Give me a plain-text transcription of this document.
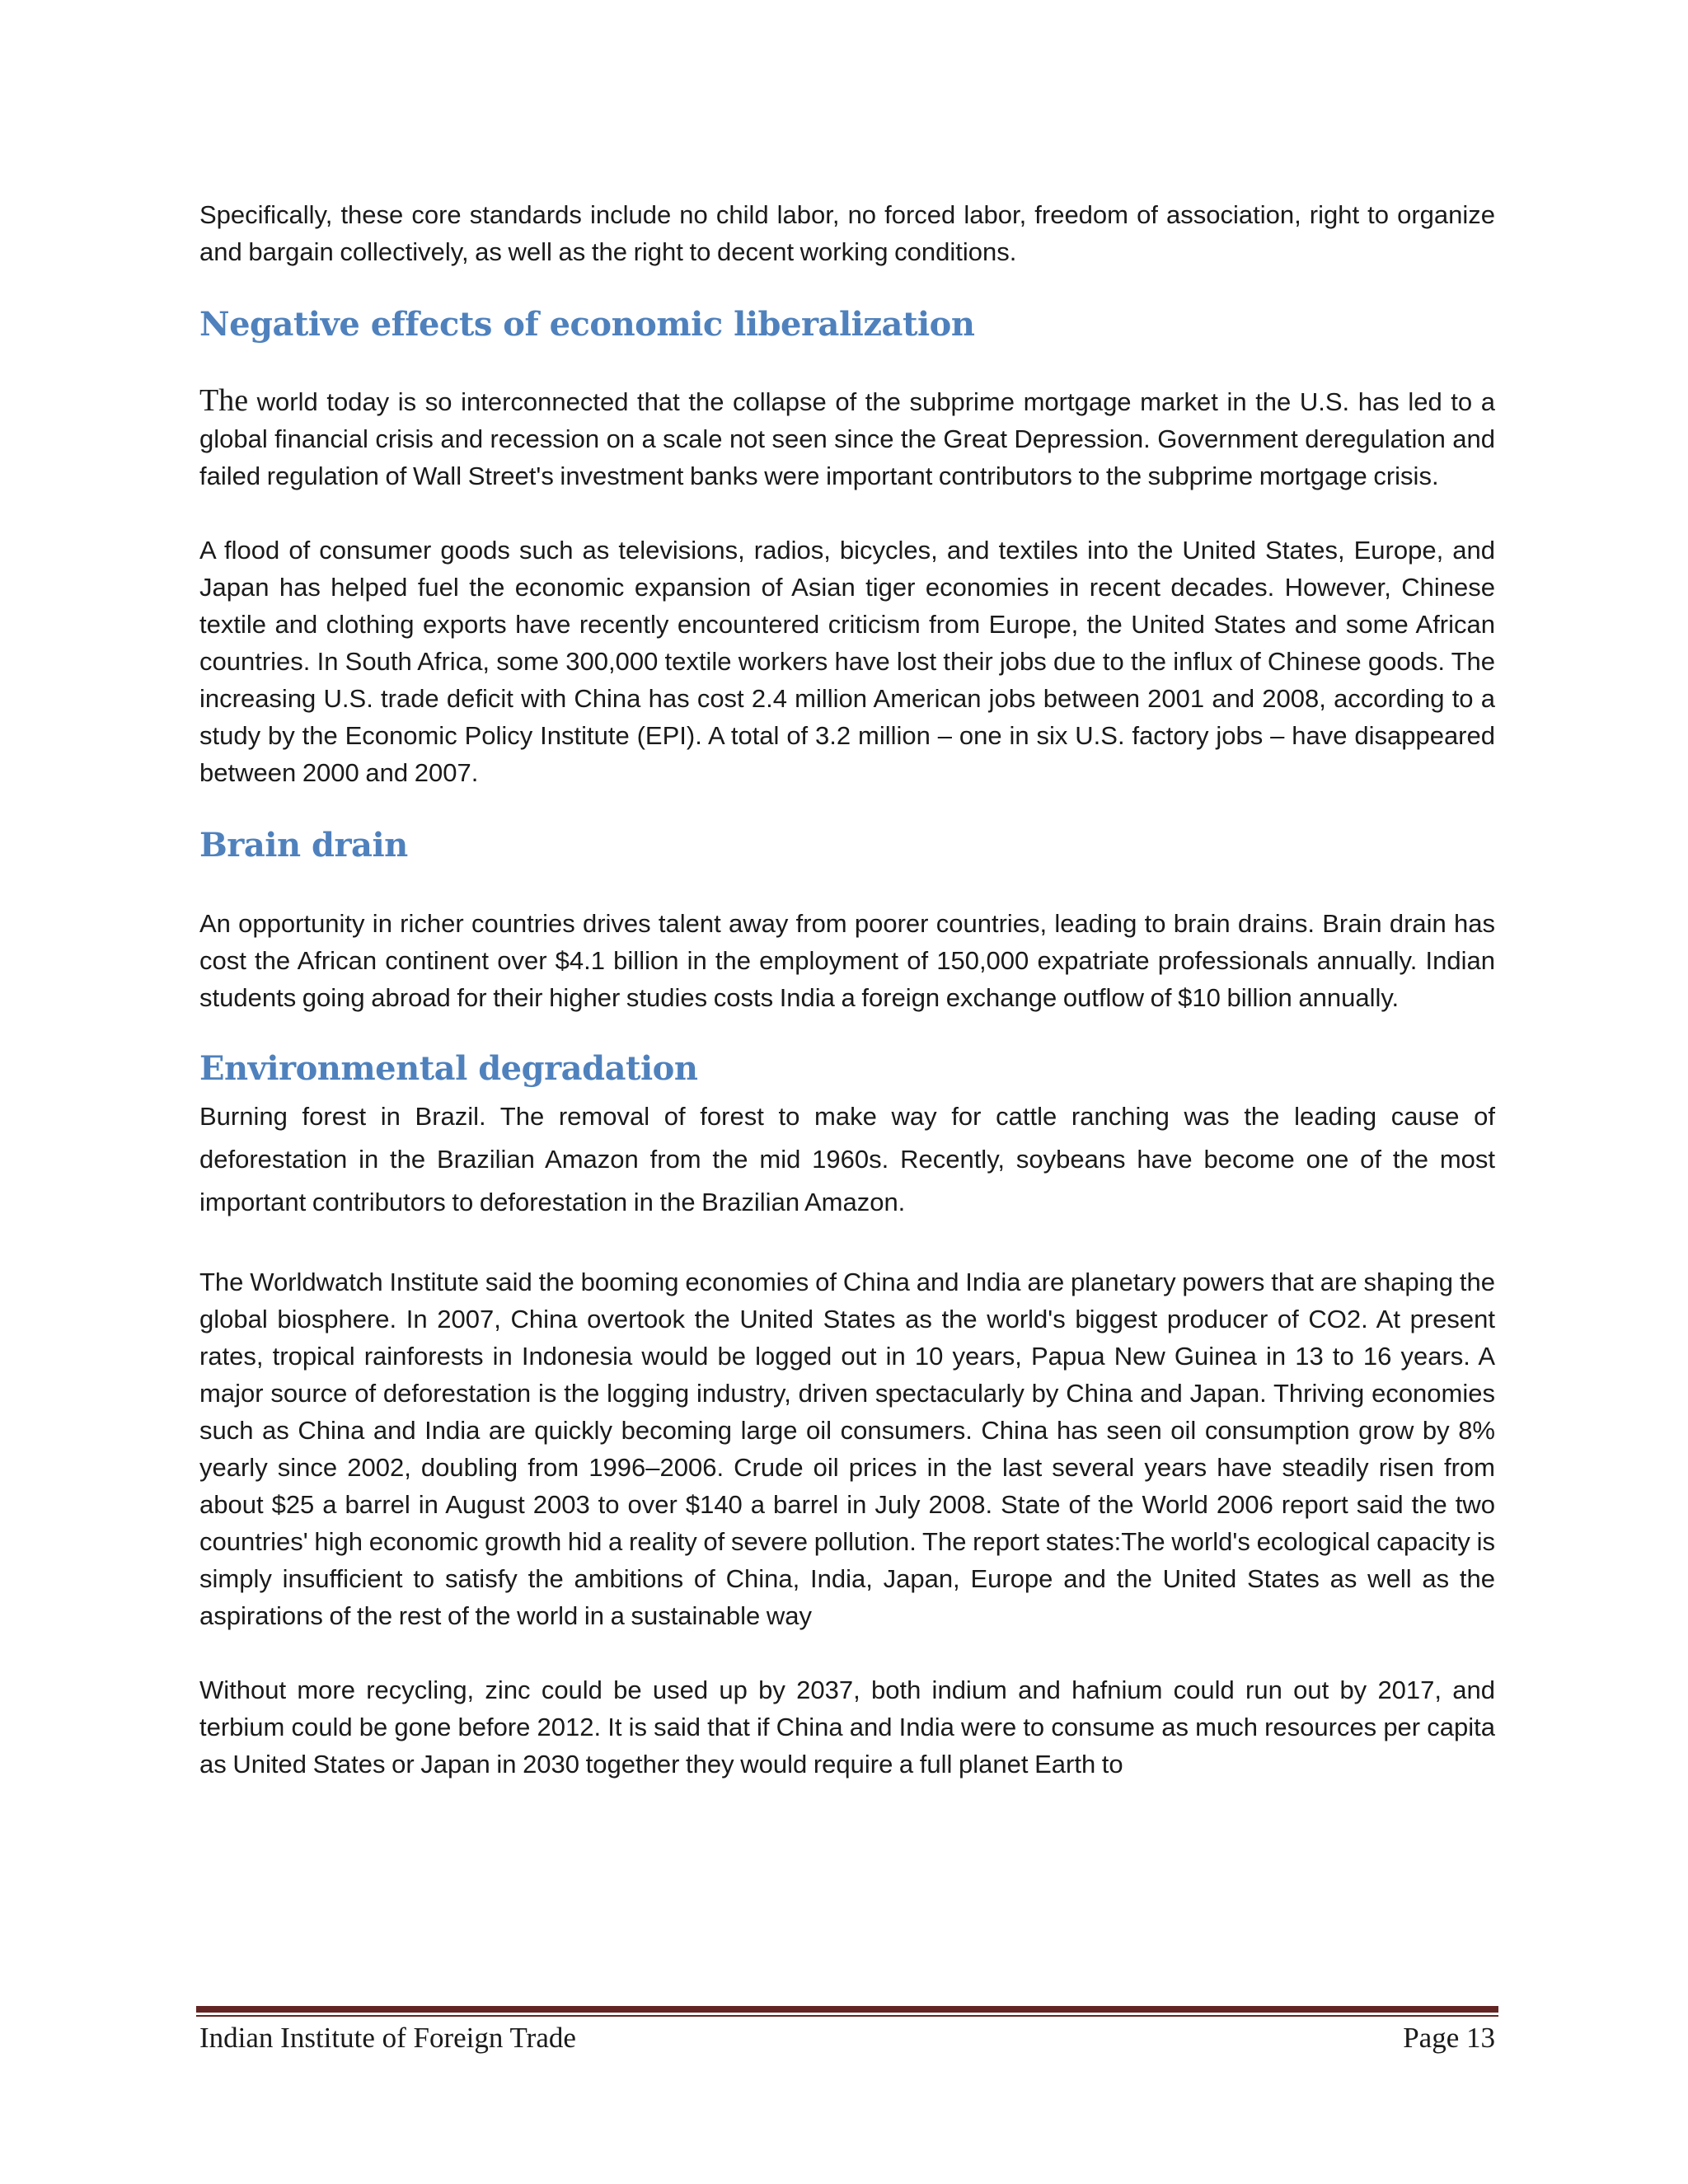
Specifically, these core standards include no child labor, no forced labor, freedom of association, right to organize and bargain collectively, as well as the right to decent working conditions.

Negative effects of economic liberalization

The world today is so interconnected that the collapse of the subprime mortgage market in the U.S. has led to a global financial crisis and recession on a scale not seen since the Great Depression. Government deregulation and failed regulation of Wall Street's investment banks were important contributors to the subprime mortgage crisis.

A flood of consumer goods such as televisions, radios, bicycles, and textiles into the United States, Europe, and Japan has helped fuel the economic expansion of Asian tiger economies in recent decades. However, Chinese textile and clothing exports have recently encountered criticism from Europe, the United States and some African countries. In South Africa, some 300,000 textile workers have lost their jobs due to the influx of Chinese goods. The increasing U.S. trade deficit with China has cost 2.4 million American jobs between 2001 and 2008, according to a study by the Economic Policy Institute (EPI). A total of 3.2 million – one in six U.S. factory jobs – have disappeared between 2000 and 2007.

Brain drain

An opportunity in richer countries drives talent away from poorer countries, leading to brain drains. Brain drain has cost the African continent over $4.1 billion in the employment of 150,000 expatriate professionals annually. Indian students going abroad for their higher studies costs India a foreign exchange outflow of $10 billion annually.

Environmental degradation

Burning forest in Brazil. The removal of forest to make way for cattle ranching was the leading cause of deforestation in the Brazilian Amazon from the mid 1960s. Recently, soybeans have become one of the most important contributors to deforestation in the Brazilian Amazon.

The Worldwatch Institute said the booming economies of China and India are planetary powers that are shaping the global biosphere. In 2007, China overtook the United States as the world's biggest producer of CO2. At present rates, tropical rainforests in Indonesia would be logged out in 10 years, Papua New Guinea in 13 to 16 years. A major source of deforestation is the logging industry, driven spectacularly by China and Japan. Thriving economies such as China and India are quickly becoming large oil consumers. China has seen oil consumption grow by 8% yearly since 2002, doubling from 1996–2006. Crude oil prices in the last several years have steadily risen from about $25 a barrel in August 2003 to over $140 a barrel in July 2008. State of the World 2006 report said the two countries' high economic growth hid a reality of severe pollution. The report states:The world's ecological capacity is simply insufficient to satisfy the ambitions of China, India, Japan, Europe and the United States as well as the aspirations of the rest of the world in a sustainable way

Without more recycling, zinc could be used up by 2037, both indium and hafnium could run out by 2017, and terbium could be gone before 2012. It is said that if China and India were to consume as much resources per capita as United States or Japan in 2030 together they would require a full planet Earth to

Indian Institute of Foreign Trade	Page 13
